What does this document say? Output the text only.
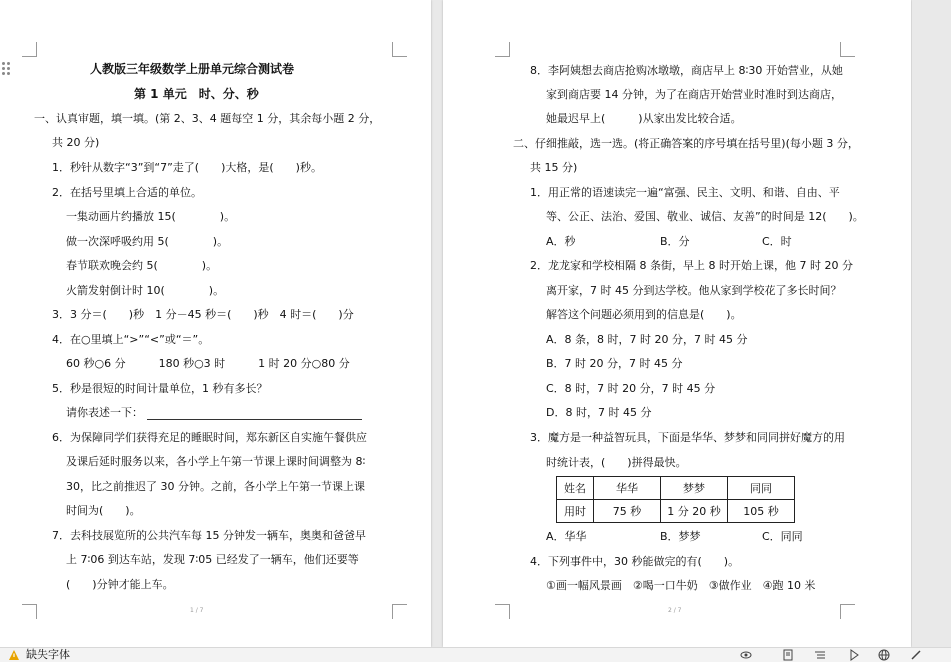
人教版三年级数学上册单元综合测试卷
第 1 单元　时、分、秒
一、认真审题，填一填。(第 2、3、4 题每空 1 分，其余每小题 2 分，
共 20 分)
1．秒针从数字“3”到“7”走了(　　)大格，是(　　)秒。
2．在括号里填上合适的单位。
一集动画片约播放 15(　　　　)。
做一次深呼吸约用 5(　　　　)。
春节联欢晚会约 5(　　　　)。
火箭发射倒计时 10(　　　　)。
3．3 分＝(　　)秒　1 分－45 秒＝(　　)秒　4 时＝(　　)分
4．在○里填上“>”“<”或“＝”。
60 秒○6 分　　　180 秒○3 时　　　1 时 20 分○80 分
5．秒是很短的时间计量单位，1 秒有多长？
请你表述一下：
6．为保障同学们获得充足的睡眠时间，郑东新区自实施午餐供应
及课后延时服务以来，各小学上午第一节课上课时间调整为 8∶
30，比之前推迟了 30 分钟。之前，各小学上午第一节课上课
时间为(　　)。
7．去科技展览所的公共汽车每 15 分钟发一辆车，奥奥和爸爸早
上 7∶06 到达车站，发现 7∶05 已经发了一辆车，他们还要等
(　　)分钟才能上车。
1 / 7	2 / 7
8．李阿姨想去商店抢购冰墩墩，商店早上 8∶30 开始营业，从她
家到商店要 14 分钟，为了在商店开始营业时准时到达商店，
她最迟早上(　　　)从家出发比较合适。
二、仔细推敲，选一选。(将正确答案的序号填在括号里)(每小题 3 分，
共 15 分)
1．用正常的语速读完一遍“富强、民主、文明、和谐、自由、平
等、公正、法治、爱国、敬业、诚信、友善”的时间是 12(　　)。
A．秒	B．分	C．时
2．龙龙家和学校相隔 8 条街，早上 8 时开始上课，他 7 时 20 分
离开家，7 时 45 分到达学校。他从家到学校花了多长时间？
解答这个问题必须用到的信息是(　　)。
A．8 条，8 时，7 时 20 分，7 时 45 分
B．7 时 20 分，7 时 45 分
C．8 时，7 时 20 分，7 时 45 分
D．8 时，7 时 45 分
3．魔方是一种益智玩具，下面是华华、梦梦和同同拼好魔方的用
时统计表，(　　)拼得最快。
姓名	华华	梦梦	同同
用时	75 秒	1 分 20 秒	105 秒
A．华华	B．梦梦	C．同同
4．下列事件中，30 秒能做完的有(　　)。
①画一幅风景画　②喝一口牛奶　③做作业　④跑 10 米
缺失字体
